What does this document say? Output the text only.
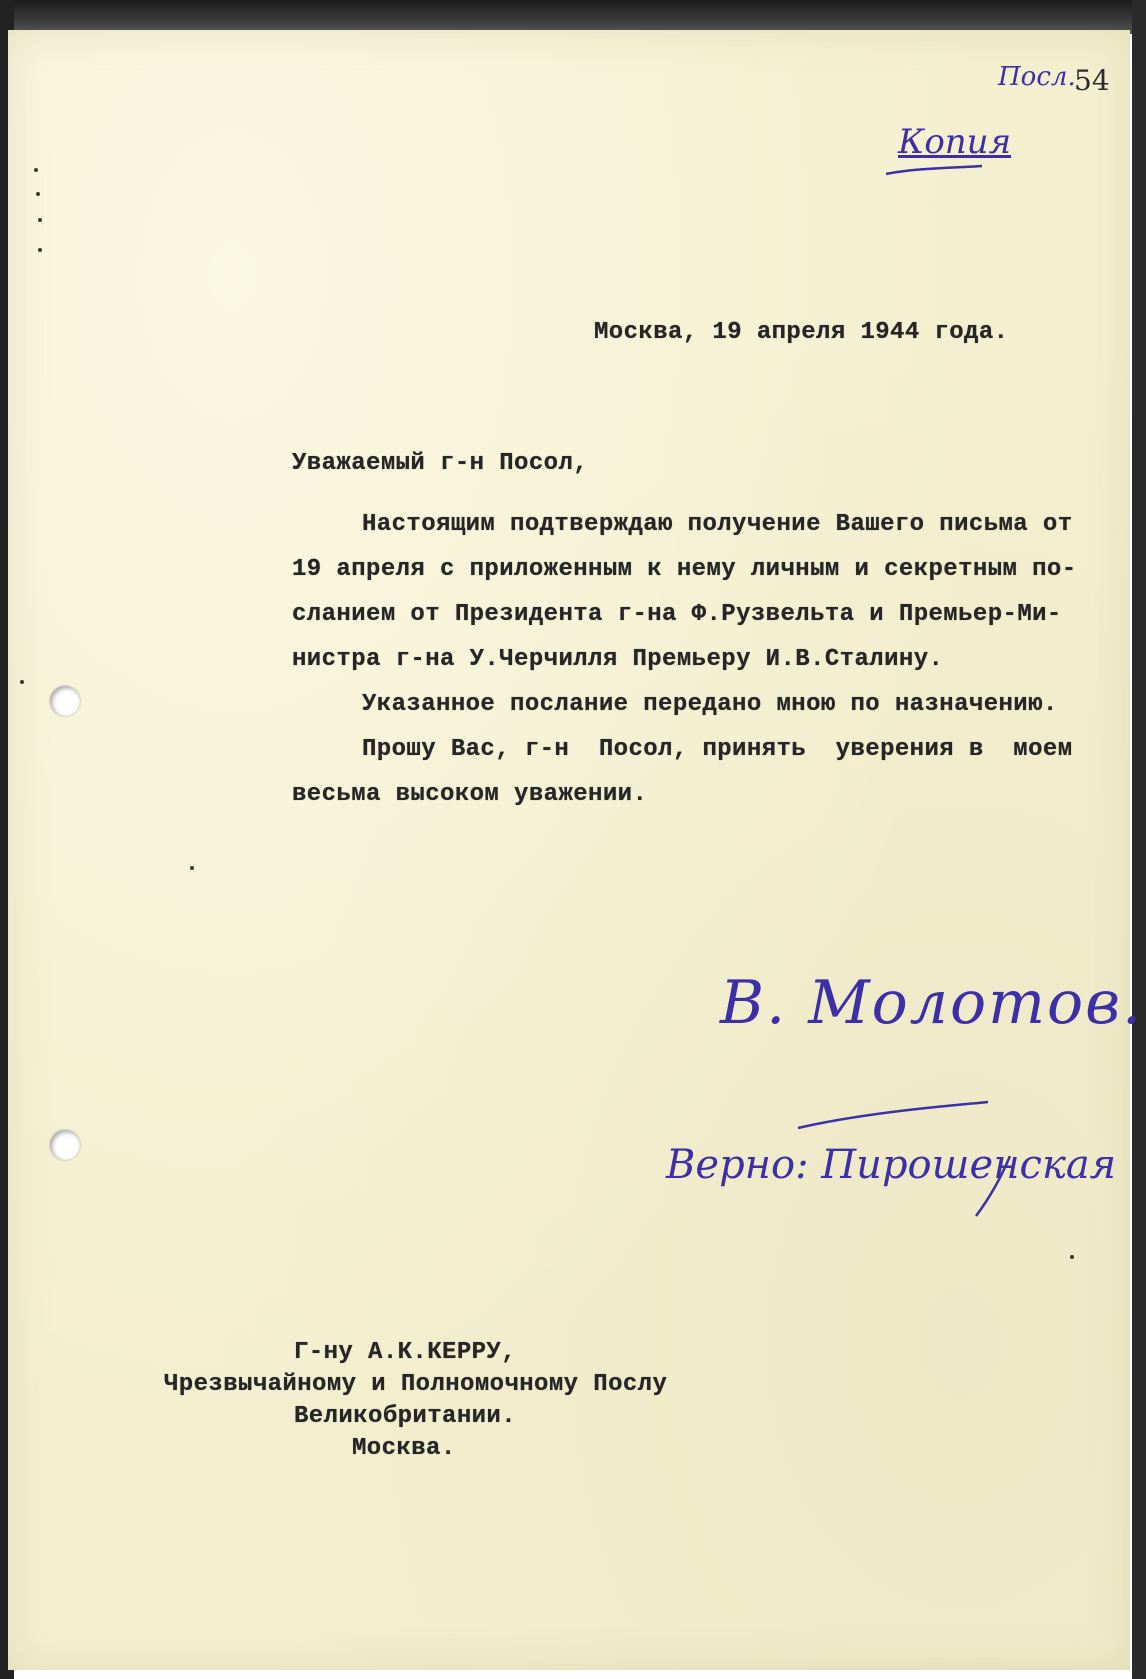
Посл.
54
Копия
Москва, 19 апреля 1944 года.
Уважаемый г-н Посол,
Настоящим подтверждаю получение Вашего письма от
19 апреля с приложенным к нему личным и секретным по-
сланием от Президента г-на Ф.Рузвельта и Премьер-Ми-
нистра г-на У.Черчилля Премьеру И.В.Сталину.
Указанное послание передано мною по назначению.
Прошу Вас, г-н  Посол, принять  уверения в  моем
весьма высоком уважении.
В. Молотов.
Верно: Пирошенская
Г-ну А.К.КЕРРУ,
Чрезвычайному и Полномочному Послу
Великобритании.
Москва.
